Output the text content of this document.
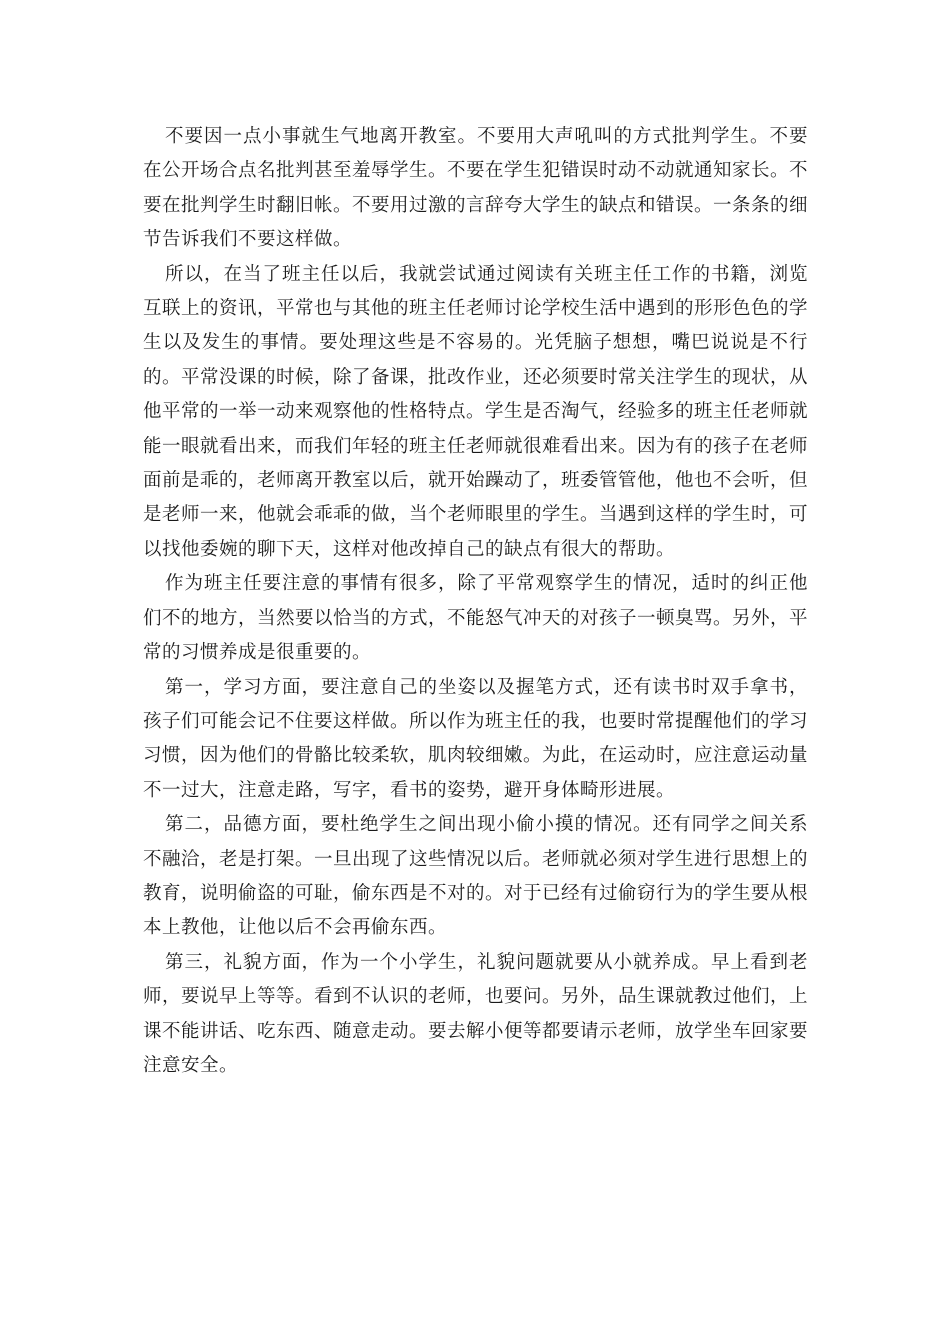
不要因一点小事就生气地离开教室。不要用大声吼叫的方式批判学生。不要在公开场合点名批判甚至羞辱学生。不要在学生犯错误时动不动就通知家长。不要在批判学生时翻旧帐。不要用过激的言辞夸大学生的缺点和错误。一条条的细节告诉我们不要这样做。

所以，在当了班主任以后，我就尝试通过阅读有关班主任工作的书籍，浏览互联上的资讯，平常也与其他的班主任老师讨论学校生活中遇到的形形色色的学生以及发生的事情。要处理这些是不容易的。光凭脑子想想，嘴巴说说是不行的。平常没课的时候，除了备课，批改作业，还必须要时常关注学生的现状，从他平常的一举一动来观察他的性格特点。学生是否淘气，经验多的班主任老师就能一眼就看出来，而我们年轻的班主任老师就很难看出来。因为有的孩子在老师面前是乖的，老师离开教室以后，就开始躁动了，班委管管他，他也不会听，但是老师一来，他就会乖乖的做，当个老师眼里的学生。当遇到这样的学生时，可以找他委婉的聊下天，这样对他改掉自己的缺点有很大的帮助。

作为班主任要注意的事情有很多，除了平常观察学生的情况，适时的纠正他们不的地方，当然要以恰当的方式，不能怒气冲天的对孩子一顿臭骂。另外，平常的习惯养成是很重要的。

第一，学习方面，要注意自己的坐姿以及握笔方式，还有读书时双手拿书，孩子们可能会记不住要这样做。所以作为班主任的我，也要时常提醒他们的学习习惯，因为他们的骨骼比较柔软，肌肉较细嫩。为此，在运动时，应注意运动量不一过大，注意走路，写字，看书的姿势，避开身体畸形进展。

第二，品德方面，要杜绝学生之间出现小偷小摸的情况。还有同学之间关系不融洽，老是打架。一旦出现了这些情况以后。老师就必须对学生进行思想上的教育，说明偷盗的可耻，偷东西是不对的。对于已经有过偷窃行为的学生要从根本上教他，让他以后不会再偷东西。

第三，礼貌方面，作为一个小学生，礼貌问题就要从小就养成。早上看到老师，要说早上等等。看到不认识的老师，也要问。另外，品生课就教过他们，上课不能讲话、吃东西、随意走动。要去解小便等都要请示老师，放学坐车回家要注意安全。
